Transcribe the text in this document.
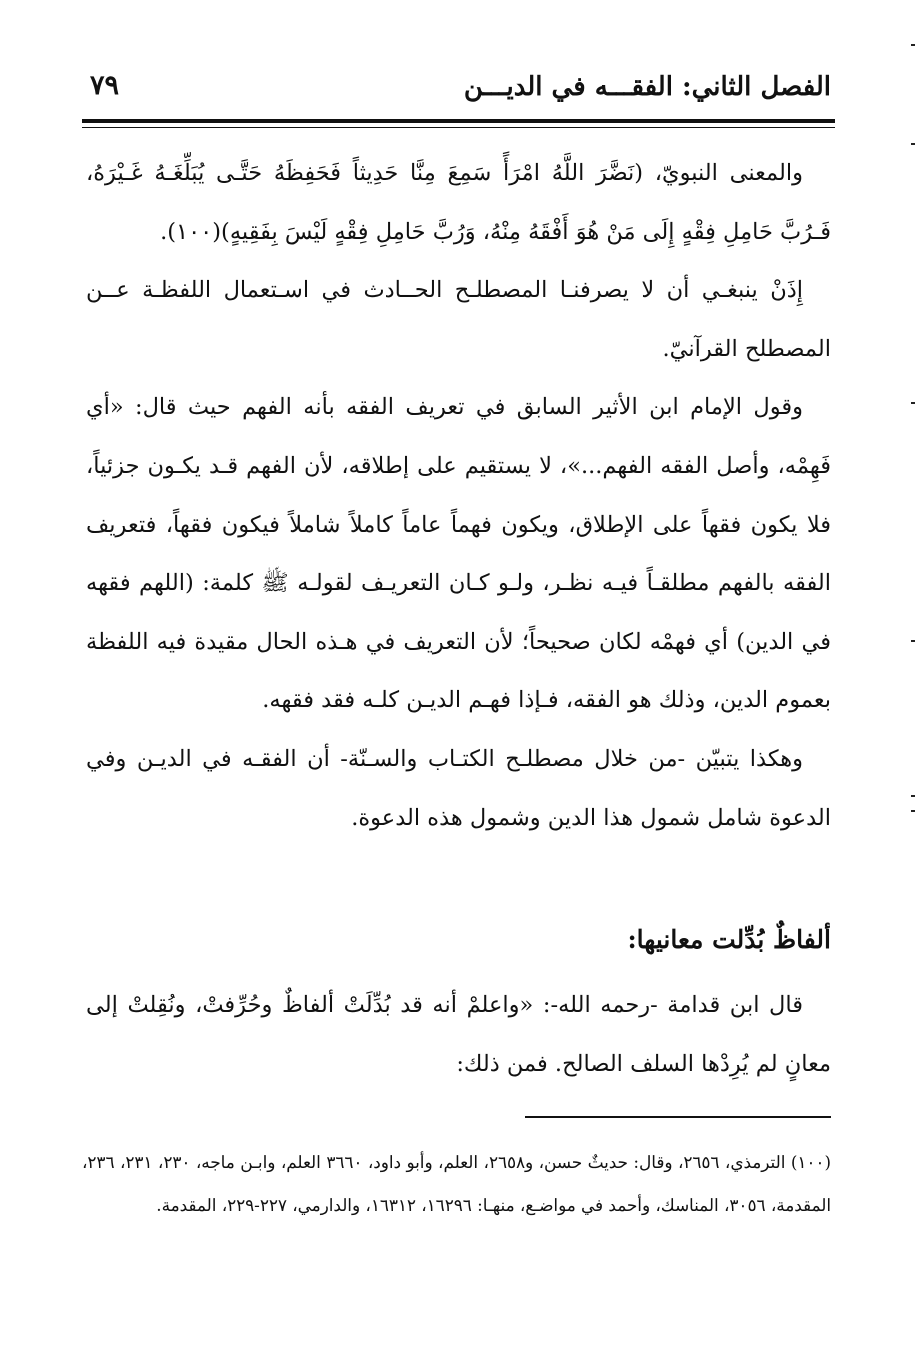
الفصل الثاني: الفقـــه في الديـــن
٧٩

والمعنى النبويّ، (نَضَّرَ اللَّهُ امْرَأً سَمِعَ مِنَّا حَدِيثاً فَحَفِظَهُ حَتَّـى يُبَلِّغَـهُ غَـيْرَهُ، فَـرُبَّ حَامِلِ فِقْهٍ إِلَى مَنْ هُوَ أَفْقَهُ مِنْهُ، وَرُبَّ حَامِلِ فِقْهٍ لَيْسَ بِفَقِيهٍ)(١٠٠).

إِذَنْ ينبغـي أن لا يصرفنـا المصطلـح الحــادث في اسـتعمال اللفظـة عــن المصطلح القرآنيّ.

وقول الإمام ابن الأثير السابق في تعريف الفقه بأنه الفهم حيث قال: «أي فَهِمْه، وأصل الفقه الفهم...»، لا يستقيم على إطلاقه، لأن الفهم قـد يكـون جزئياً، فلا يكون فقهاً على الإطلاق، ويكون فهماً عاماً كاملاً شاملاً فيكون فقهاً، فتعريف الفقه بالفهم مطلقـاً فيـه نظـر، ولـو كـان التعريـف لقولـه ﷺ كلمة: (اللهم فقهه في الدين) أي فهمْه لكان صحيحاً؛ لأن التعريف في هـذه الحال مقيدة فيه اللفظة بعموم الدين، وذلك هو الفقه، فـإذا فهـم الديـن كلـه فقد فقهه.

وهكذا يتبيّن -من خلال مصطلـح الكتـاب والسـنّة- أن الفقـه في الديـن وفي الدعوة شامل شمول هذا الدين وشمول هذه الدعوة.

ألفاظٌ بُدِّلت معانيها:

قال ابن قدامة -رحمه الله-: «واعلمْ أنه قد بُدِّلَتْ ألفاظٌ وحُرِّفتْ، ونُقِلتْ إلى معانٍ لم يُرِدْها السلف الصالح. فمن ذلك:

(١٠٠) الترمذي، ٢٦٥٦، وقال: حديثٌ حسن، و٢٦٥٨، العلم، وأبو داود، ٣٦٦٠ العلم، وابـن ماجه، ٢٣٠، ٢٣١، ٢٣٦، المقدمة، ٣٠٥٦، المناسك، وأحمد في مواضـع، منهـا: ١٦٢٩٦، ١٦٣١٢، والدارمي، ٢٢٧-٢٢٩، المقدمة.
